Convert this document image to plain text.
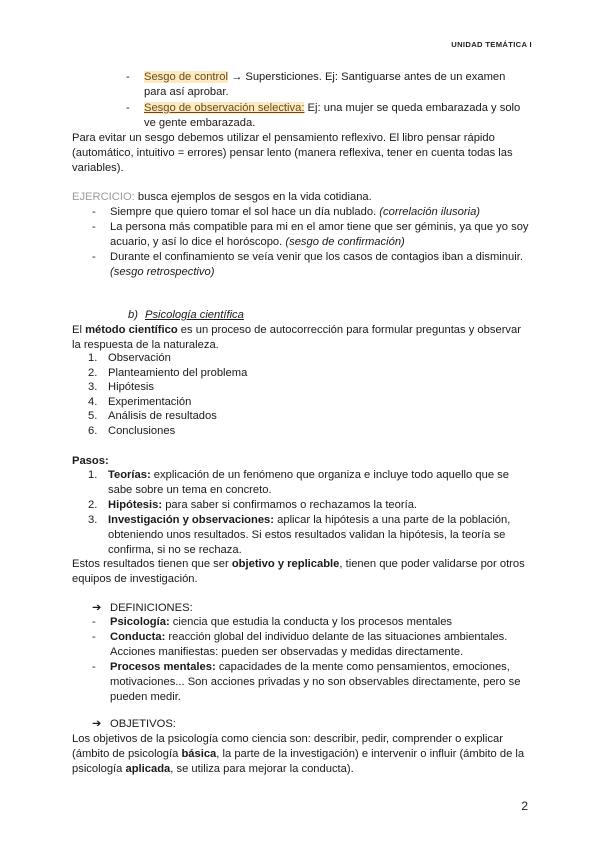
UNIDAD TEMÁTICA I
- Sesgo de control → Supersticiones. Ej: Santiguarse antes de un examen
para así aprobar.
- Sesgo de observación selectiva: Ej: una mujer se queda embarazada y solo
ve gente embarazada.
Para evitar un sesgo debemos utilizar el pensamiento reflexivo. El libro pensar rápido
(automático, intuitivo = errores) pensar lento (manera reflexiva, tener en cuenta todas las
variables).
EJERCICIO: busca ejemplos de sesgos en la vida cotidiana.
- Siempre que quiero tomar el sol hace un día nublado. (correlación ilusoria)
- La persona más compatible para mi en el amor tiene que ser géminis, ya que yo soy
acuario, y así lo dice el horóscopo. (sesgo de confirmación)
- Durante el confinamiento se veía venir que los casos de contagios iban a disminuir.
(sesgo retrospectivo)
b) Psicología científica
El método científico es un proceso de autocorrección para formular preguntas y observar
la respuesta de la naturaleza.
1. Observación
2. Planteamiento del problema
3. Hipótesis
4. Experimentación
5. Análisis de resultados
6. Conclusiones
Pasos:
1. Teorías: explicación de un fenómeno que organiza e incluye todo aquello que se
sabe sobre un tema en concreto.
2. Hipótesis: para saber si confirmamos o rechazamos la teoría.
3. Investigación y observaciones: aplicar la hipótesis a una parte de la población,
obteniendo unos resultados. Si estos resultados validan la hipótesis, la teoría se
confirma, si no se rechaza.
Estos resultados tienen que ser objetivo y replicable, tienen que poder validarse por otros
equipos de investigación.
➔ DEFINICIONES:
- Psicología: ciencia que estudia la conducta y los procesos mentales
- Conducta: reacción global del individuo delante de las situaciones ambientales.
Acciones manifiestas: pueden ser observadas y medidas directamente.
- Procesos mentales: capacidades de la mente como pensamientos, emociones,
motivaciones... Son acciones privadas y no son observables directamente, pero se
pueden medir.
➔ OBJETIVOS:
Los objetivos de la psicología como ciencia son: describir, pedir, comprender o explicar
(ámbito de psicología básica, la parte de la investigación) e intervenir o influir (ámbito de la
psicología aplicada, se utiliza para mejorar la conducta).
2
